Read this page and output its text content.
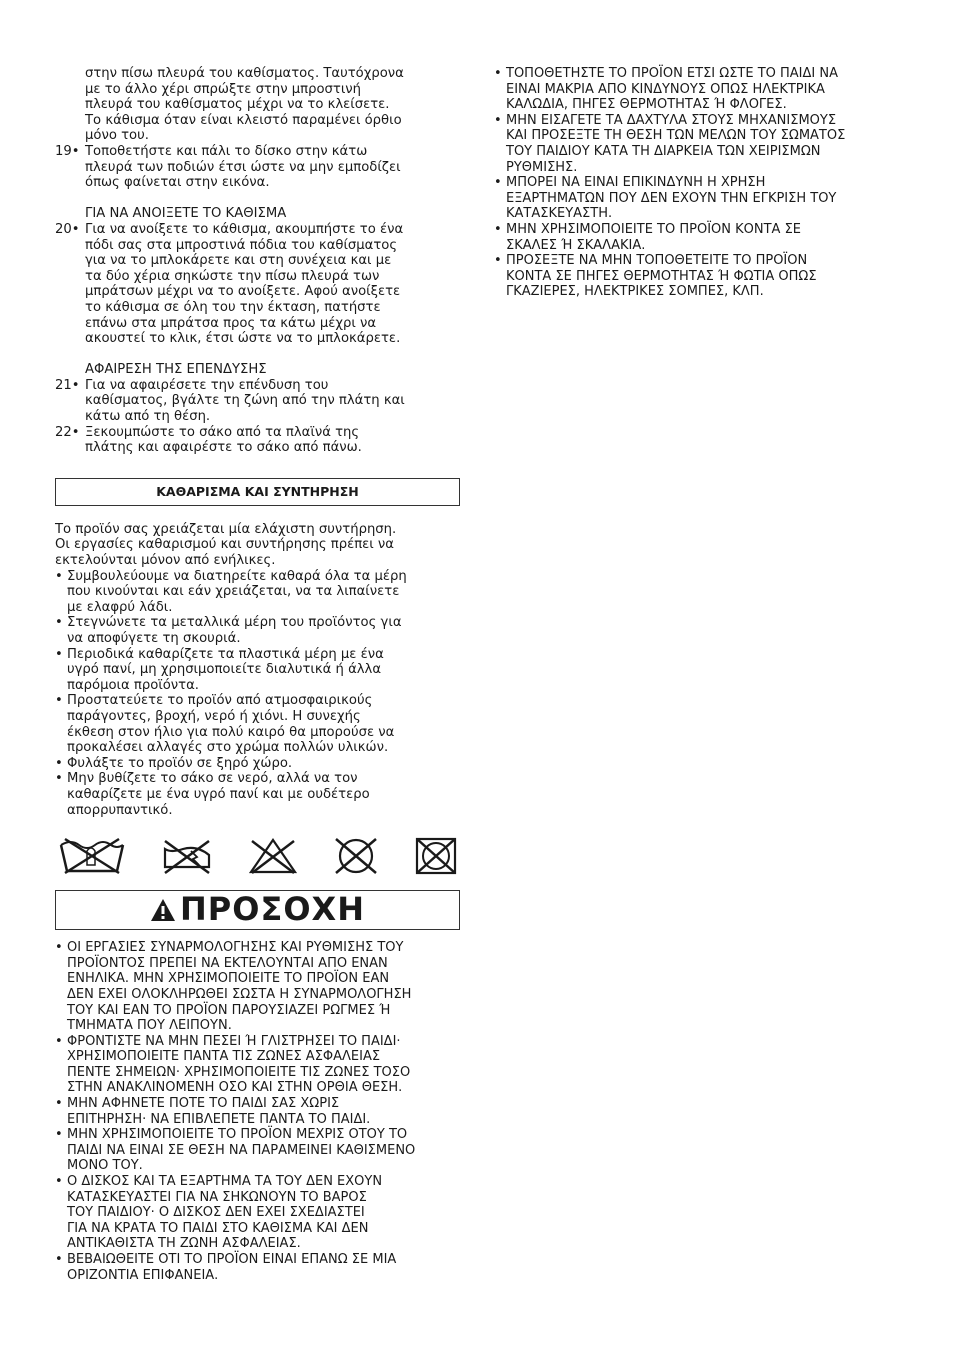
στην πίσω πλευρά του καθίσματος. Ταυτόχρονα
με το άλλο χέρι σπρώξτε στην μπροστινή
πλευρά του καθίσματος μέχρι να το κλείσετε.
Το κάθισμα όταν είναι κλειστό παραμένει όρθιο
μόνο του.
19• Τοποθετήστε και πάλι το δίσκο στην κάτω
πλευρά των ποδιών έτσι ώστε να μην εμποδίζει
όπως φαίνεται στην εικόνα.
ΓΙΑ ΝΑ ΑΝΟΙΞΕΤΕ ΤΟ ΚΑΘΙΣΜΑ
20• Για να ανοίξετε το κάθισμα, ακουμπήστε το ένα
πόδι σας στα μπροστινά πόδια του καθίσματος
για να το μπλοκάρετε και στη συνέχεια και με
τα δύο χέρια σηκώστε την πίσω πλευρά των
μπράτσων μέχρι να το ανοίξετε. Αφού ανοίξετε
το κάθισμα σε όλη του την έκταση, πατήστε
επάνω στα μπράτσα προς τα κάτω μέχρι να
ακουστεί το κλικ, έτσι ώστε να το μπλοκάρετε.
ΑΦΑΙΡΕΣΗ ΤΗΣ ΕΠΕΝΔΥΣΗΣ
21• Για να αφαιρέσετε την επένδυση του
καθίσματος, βγάλτε τη ζώνη από την πλάτη και
κάτω από τη θέση.
22• Ξεκουμπώστε το σάκο από τα πλαϊνά της
πλάτης και αφαιρέστε το σάκο από πάνω.
ΚΑΘΑΡΙΣΜΑ ΚΑΙ ΣΥΝΤΗΡΗΣΗ
Το προϊόν σας χρειάζεται μία ελάχιστη συντήρηση.
Οι εργασίες καθαρισμού και συντήρησης πρέπει να
εκτελούνται μόνον από ενήλικες.
• Συμβουλεύουμε να διατηρείτε καθαρά όλα τα μέρη
που κινούνται και εάν χρειάζεται, να τα λιπαίνετε
με ελαφρύ λάδι.
• Στεγνώνετε τα μεταλλικά μέρη του προϊόντος για
να αποφύγετε τη σκουριά.
• Περιοδικά καθαρίζετε τα πλαστικά μέρη με ένα
υγρό πανί, μη χρησιμοποιείτε διαλυτικά ή άλλα
παρόμοια προϊόντα.
• Προστατεύετε το προϊόν από ατμοσφαιρικούς
παράγοντες, βροχή, νερό ή χιόνι. Η συνεχής
έκθεση στον ήλιο για πολύ καιρό θα μπορούσε να
προκαλέσει αλλαγές στο χρώμα πολλών υλικών.
• Φυλάξτε το προϊόν σε ξηρό χώρο.
• Μην βυθίζετε το σάκο σε νερό, αλλά να τον
καθαρίζετε με ένα υγρό πανί και με ουδέτερο
απορρυπαντικό.
ΠΡΟΣΟΧΗ
• ΟΙ ΕΡΓΑΣΙΕΣ ΣΥΝΑΡΜΟΛΟΓΗΣΗΣ ΚΑΙ ΡΥΘΜΙΣΗΣ ΤΟΥ
ΠΡΟΪΟΝΤΟΣ ΠΡΕΠΕΙ ΝΑ ΕΚΤΕΛΟΥΝΤΑΙ ΑΠΟ ΕΝΑΝ
ΕΝΗΛΙΚΑ. ΜΗΝ ΧΡΗΣΙΜΟΠΟΙΕΙΤΕ ΤΟ ΠΡΟΪΟΝ ΕΑΝ
ΔΕΝ ΕΧΕΙ ΟΛΟΚΛΗΡΩΘΕΙ ΣΩΣΤΑ Η ΣΥΝΑΡΜΟΛΟΓΗΣΗ
ΤΟΥ ΚΑΙ ΕΑΝ ΤΟ ΠΡΟΪΟΝ ΠΑΡΟΥΣΙΑΖΕΙ ΡΩΓΜΕΣ Ή
ΤΜΗΜΑΤΑ ΠΟΥ ΛΕΙΠΟΥΝ.
• ΦΡΟΝΤΙΣΤΕ ΝΑ ΜΗΝ ΠΕΣΕΙ Ή ΓΛΙΣΤΡΗΣΕΙ ΤΟ ΠΑΙΔΙ·
ΧΡΗΣΙΜΟΠΟΙΕΙΤΕ ΠΑΝΤΑ ΤΙΣ ΖΩΝΕΣ ΑΣΦΑΛΕΙΑΣ
ΠΕΝΤΕ ΣΗΜΕΙΩΝ· ΧΡΗΣΙΜΟΠΟΙΕΙΤΕ ΤΙΣ ΖΩΝΕΣ ΤΟΣΟ
ΣΤΗΝ ΑΝΑΚΛΙΝΟΜΕΝΗ ΟΣΟ ΚΑΙ ΣΤΗΝ ΟΡΘΙΑ ΘΕΣΗ.
• ΜΗΝ ΑΦΗΝΕΤΕ ΠΟΤΕ ΤΟ ΠΑΙΔΙ ΣΑΣ ΧΩΡΙΣ
ΕΠΙΤΗΡΗΣΗ· ΝΑ ΕΠΙΒΛΕΠΕΤΕ ΠΑΝΤΑ ΤΟ ΠΑΙΔΙ.
• ΜΗΝ ΧΡΗΣΙΜΟΠΟΙΕΙΤΕ ΤΟ ΠΡΟΪΟΝ ΜΕΧΡΙΣ ΟΤΟΥ ΤΟ
ΠΑΙΔΙ ΝΑ ΕΙΝΑΙ ΣΕ ΘΕΣΗ ΝΑ ΠΑΡΑΜΕΙΝΕΙ ΚΑΘΙΣΜΕΝΟ
ΜΟΝΟ ΤΟΥ.
• Ο ΔΙΣΚΟΣ ΚΑΙ ΤΑ ΕΞΑΡΤΗΜΑ ΤΑ ΤΟΥ ΔΕΝ ΕΧΟΥΝ
ΚΑΤΑΣΚΕΥΑΣΤΕΙ ΓΙΑ ΝΑ ΣΗΚΩΝΟΥΝ ΤΟ ΒΑΡΟΣ
ΤΟΥ ΠΑΙΔΙΟΥ· Ο ΔΙΣΚΟΣ ΔΕΝ ΕΧΕΙ ΣΧΕΔΙΑΣΤΕΙ
ΓΙΑ ΝΑ ΚΡΑΤΑ ΤΟ ΠΑΙΔΙ ΣΤΟ ΚΑΘΙΣΜΑ ΚΑΙ ΔΕΝ
ΑΝΤΙΚΑΘΙΣΤΑ ΤΗ ΖΩΝΗ ΑΣΦΑΛΕΙΑΣ.
• ΒΕΒΑΙΩΘΕΙΤΕ ΟΤΙ ΤΟ ΠΡΟΪΟΝ ΕΙΝΑΙ ΕΠΑΝΩ ΣΕ ΜΙΑ
ΟΡΙΖΟΝΤΙΑ ΕΠΙΦΑΝΕΙΑ.
• ΤΟΠΟΘΕΤΗΣΤΕ ΤΟ ΠΡΟΪΟΝ ΕΤΣΙ ΩΣΤΕ ΤΟ ΠΑΙΔΙ ΝΑ
ΕΙΝΑΙ ΜΑΚΡΙΑ ΑΠΟ ΚΙΝΔΥΝΟΥΣ ΟΠΩΣ ΗΛΕΚΤΡΙΚΑ
ΚΑΛΩΔΙΑ, ΠΗΓΕΣ ΘΕΡΜΟΤΗΤΑΣ Ή ΦΛΟΓΕΣ.
• ΜΗΝ ΕΙΣΑΓΕΤΕ ΤΑ ΔΑΧΤΥΛΑ ΣΤΟΥΣ ΜΗΧΑΝΙΣΜΟΥΣ
ΚΑΙ ΠΡΟΣΕΞΤΕ ΤΗ ΘΕΣΗ ΤΩΝ ΜΕΛΩΝ ΤΟΥ ΣΩΜΑΤΟΣ
ΤΟΥ ΠΑΙΔΙΟΥ ΚΑΤΑ ΤΗ ΔΙΑΡΚΕΙΑ ΤΩΝ ΧΕΙΡΙΣΜΩΝ
ΡΥΘΜΙΣΗΣ.
• ΜΠΟΡΕΙ ΝΑ ΕΙΝΑΙ ΕΠΙΚΙΝΔΥΝΗ Η ΧΡΗΣΗ
ΕΞΑΡΤΗΜΑΤΩΝ ΠΟΥ ΔΕΝ ΕΧΟΥΝ ΤΗΝ ΕΓΚΡΙΣΗ ΤΟΥ
ΚΑΤΑΣΚΕΥΑΣΤΗ.
• ΜΗΝ ΧΡΗΣΙΜΟΠΟΙΕΙΤΕ ΤΟ ΠΡΟΪΟΝ ΚΟΝΤΑ ΣΕ
ΣΚΑΛΕΣ Ή ΣΚΑΛΑΚΙΑ.
• ΠΡΟΣΕΞΤΕ ΝΑ ΜΗΝ ΤΟΠΟΘΕΤΕΙΤΕ ΤΟ ΠΡΟΪΟΝ
ΚΟΝΤΑ ΣΕ ΠΗΓΕΣ ΘΕΡΜΟΤΗΤΑΣ Ή ΦΩΤΙΑ ΟΠΩΣ
ΓΚΑΖΙΕΡΕΣ, ΗΛΕΚΤΡΙΚΕΣ ΣΟΜΠΕΣ, ΚΛΠ.
